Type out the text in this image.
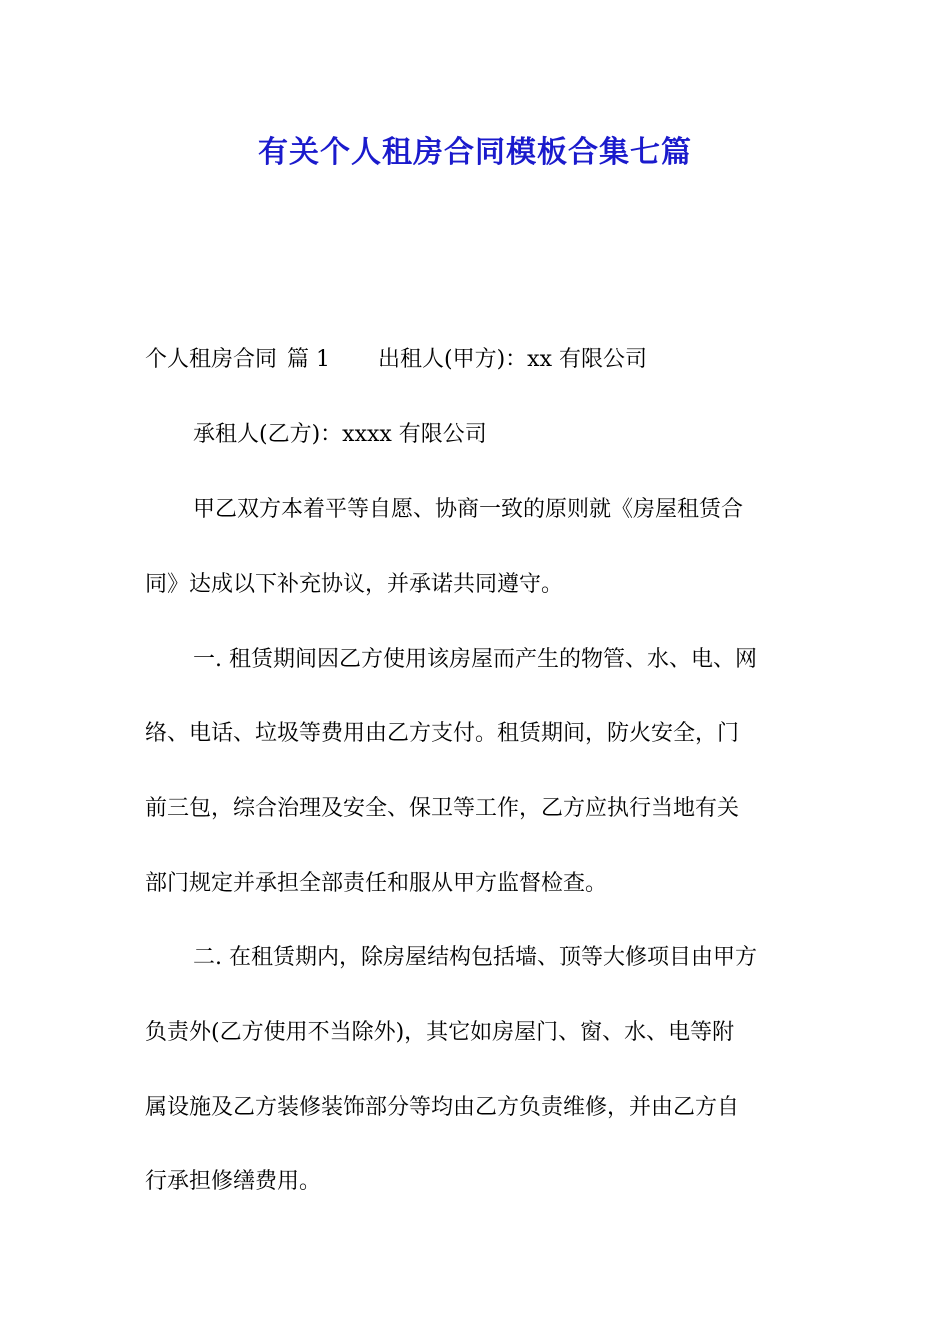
有关个人租房合同模板合集七篇
个人租房合同 篇 1 出租人(甲方)：xx 有限公司
承租人(乙方)：xxxx 有限公司
甲乙双方本着平等自愿、协商一致的原则就《房屋租赁合
同》达成以下补充协议，并承诺共同遵守。
一. 租赁期间因乙方使用该房屋而产生的物管、水、电、网
络、电话、垃圾等费用由乙方支付。租赁期间，防火安全，门
前三包，综合治理及安全、保卫等工作，乙方应执行当地有关
部门规定并承担全部责任和服从甲方监督检查。
二. 在租赁期内，除房屋结构包括墙、顶等大修项目由甲方
负责外(乙方使用不当除外)，其它如房屋门、窗、水、电等附
属设施及乙方装修装饰部分等均由乙方负责维修，并由乙方自
行承担修缮费用。
